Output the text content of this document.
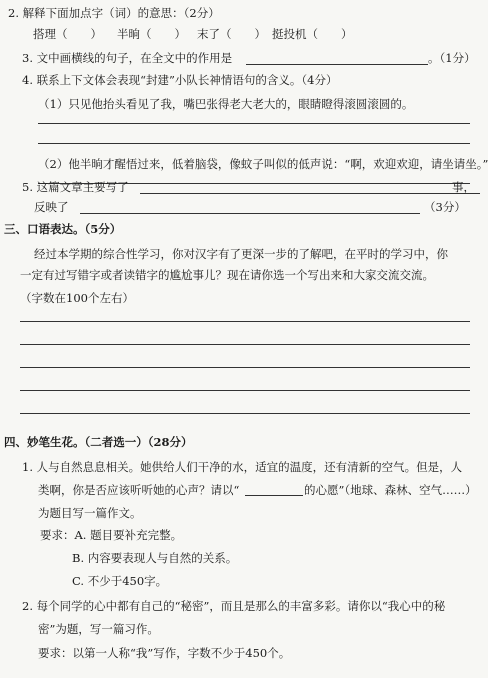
2. 解释下面加点字（词）的意思：（2分）
搭理（　　） 半晌（　　） 末了（　　） 挺投机（　　）
3. 文中画横线的句子，在全文中的作用是	。（1分）
4. 联系上下文体会表现“封建”小队长神情语句的含义。（4分）
（1）只见他抬头看见了我，嘴巴张得老大老大的，眼睛瞪得滚圆滚圆的。
（2）他半晌才醒悟过来，低着脑袋，像蚊子叫似的低声说：“啊，欢迎欢迎，请坐请坐。”
5. 这篇文章主要写了	事，
反映了	（3分）
三、口语表达。（5分）
经过本学期的综合性学习，你对汉字有了更深一步的了解吧，在平时的学习中，你
一定有过写错字或者读错字的尴尬事儿？现在请你选一个写出来和大家交流交流。
（字数在100个左右）
四、妙笔生花。（二者选一）（28分）
1. 人与自然息息相关。她供给人们干净的水，适宜的温度，还有清新的空气。但是，人
类啊，你是否应该听听她的心声？请以“	的心愿”（地球、森林、空气……）
为题目写一篇作文。
要求：A. 题目要补充完整。
B. 内容要表现人与自然的关系。
C. 不少于450字。
2. 每个同学的心中都有自己的“秘密”，而且是那么的丰富多彩。请你以“我心中的秘
密”为题，写一篇习作。
要求：以第一人称“我”写作，字数不少于450个。
